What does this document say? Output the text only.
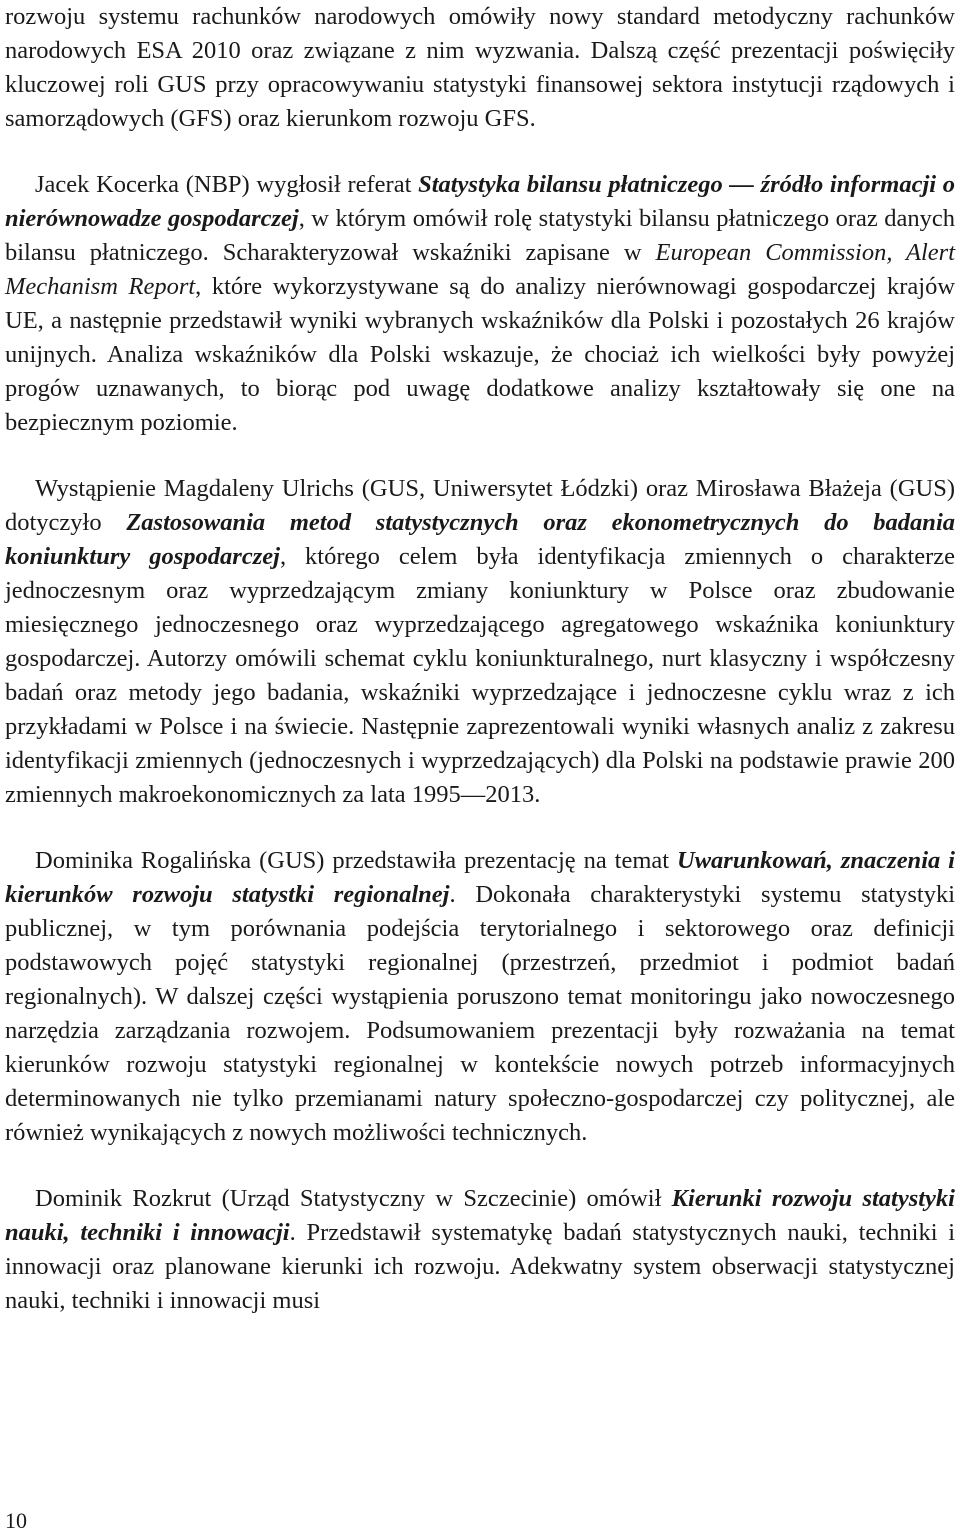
rozwoju systemu rachunków narodowych omówiły nowy standard metodyczny rachunków narodowych ESA 2010 oraz związane z nim wyzwania. Dalszą część prezentacji poświęciły kluczowej roli GUS przy opracowywaniu statystyki finansowej sektora instytucji rządowych i samorządowych (GFS) oraz kierunkom rozwoju GFS.

Jacek Kocerka (NBP) wygłosił referat Statystyka bilansu płatniczego — źródło informacji o nierównowadze gospodarczej, w którym omówił rolę statystyki bilansu płatniczego oraz danych bilansu płatniczego. Scharakteryzował wskaźniki zapisane w European Commission, Alert Mechanism Report, które wykorzystywane są do analizy nierównowagi gospodarczej krajów UE, a następnie przedstawił wyniki wybranych wskaźników dla Polski i pozostałych 26 krajów unijnych. Analiza wskaźników dla Polski wskazuje, że chociaż ich wielkości były powyżej progów uznawanych, to biorąc pod uwagę dodatkowe analizy kształtowały się one na bezpiecznym poziomie.

Wystąpienie Magdaleny Ulrichs (GUS, Uniwersytet Łódzki) oraz Mirosława Błażeja (GUS) dotyczyło Zastosowania metod statystycznych oraz ekonometrycznych do badania koniunktury gospodarczej, którego celem była identyfikacja zmiennych o charakterze jednoczesnym oraz wyprzedzającym zmiany koniunktury w Polsce oraz zbudowanie miesięcznego jednoczesnego oraz wyprzedzającego agregatowego wskaźnika koniunktury gospodarczej. Autorzy omówili schemat cyklu koniunkturalnego, nurt klasyczny i współczesny badań oraz metody jego badania, wskaźniki wyprzedzające i jednoczesne cyklu wraz z ich przykładami w Polsce i na świecie. Następnie zaprezentowali wyniki własnych analiz z zakresu identyfikacji zmiennych (jednoczesnych i wyprzedzających) dla Polski na podstawie prawie 200 zmiennych makroekonomicznych za lata 1995—2013.

Dominika Rogalińska (GUS) przedstawiła prezentację na temat Uwarunkowań, znaczenia i kierunków rozwoju statystki regionalnej. Dokonała charakterystyki systemu statystyki publicznej, w tym porównania podejścia terytorialnego i sektorowego oraz definicji podstawowych pojęć statystyki regionalnej (przestrzeń, przedmiot i podmiot badań regionalnych). W dalszej części wystąpienia poruszono temat monitoringu jako nowoczesnego narzędzia zarządzania rozwojem. Podsumowaniem prezentacji były rozważania na temat kierunków rozwoju statystyki regionalnej w kontekście nowych potrzeb informacyjnych determinowanych nie tylko przemianami natury społeczno-gospodarczej czy politycznej, ale również wynikających z nowych możliwości technicznych.

Dominik Rozkrut (Urząd Statystyczny w Szczecinie) omówił Kierunki rozwoju statystyki nauki, techniki i innowacji. Przedstawił systematykę badań statystycznych nauki, techniki i innowacji oraz planowane kierunki ich rozwoju. Adekwatny system obserwacji statystycznej nauki, techniki i innowacji musi

10
